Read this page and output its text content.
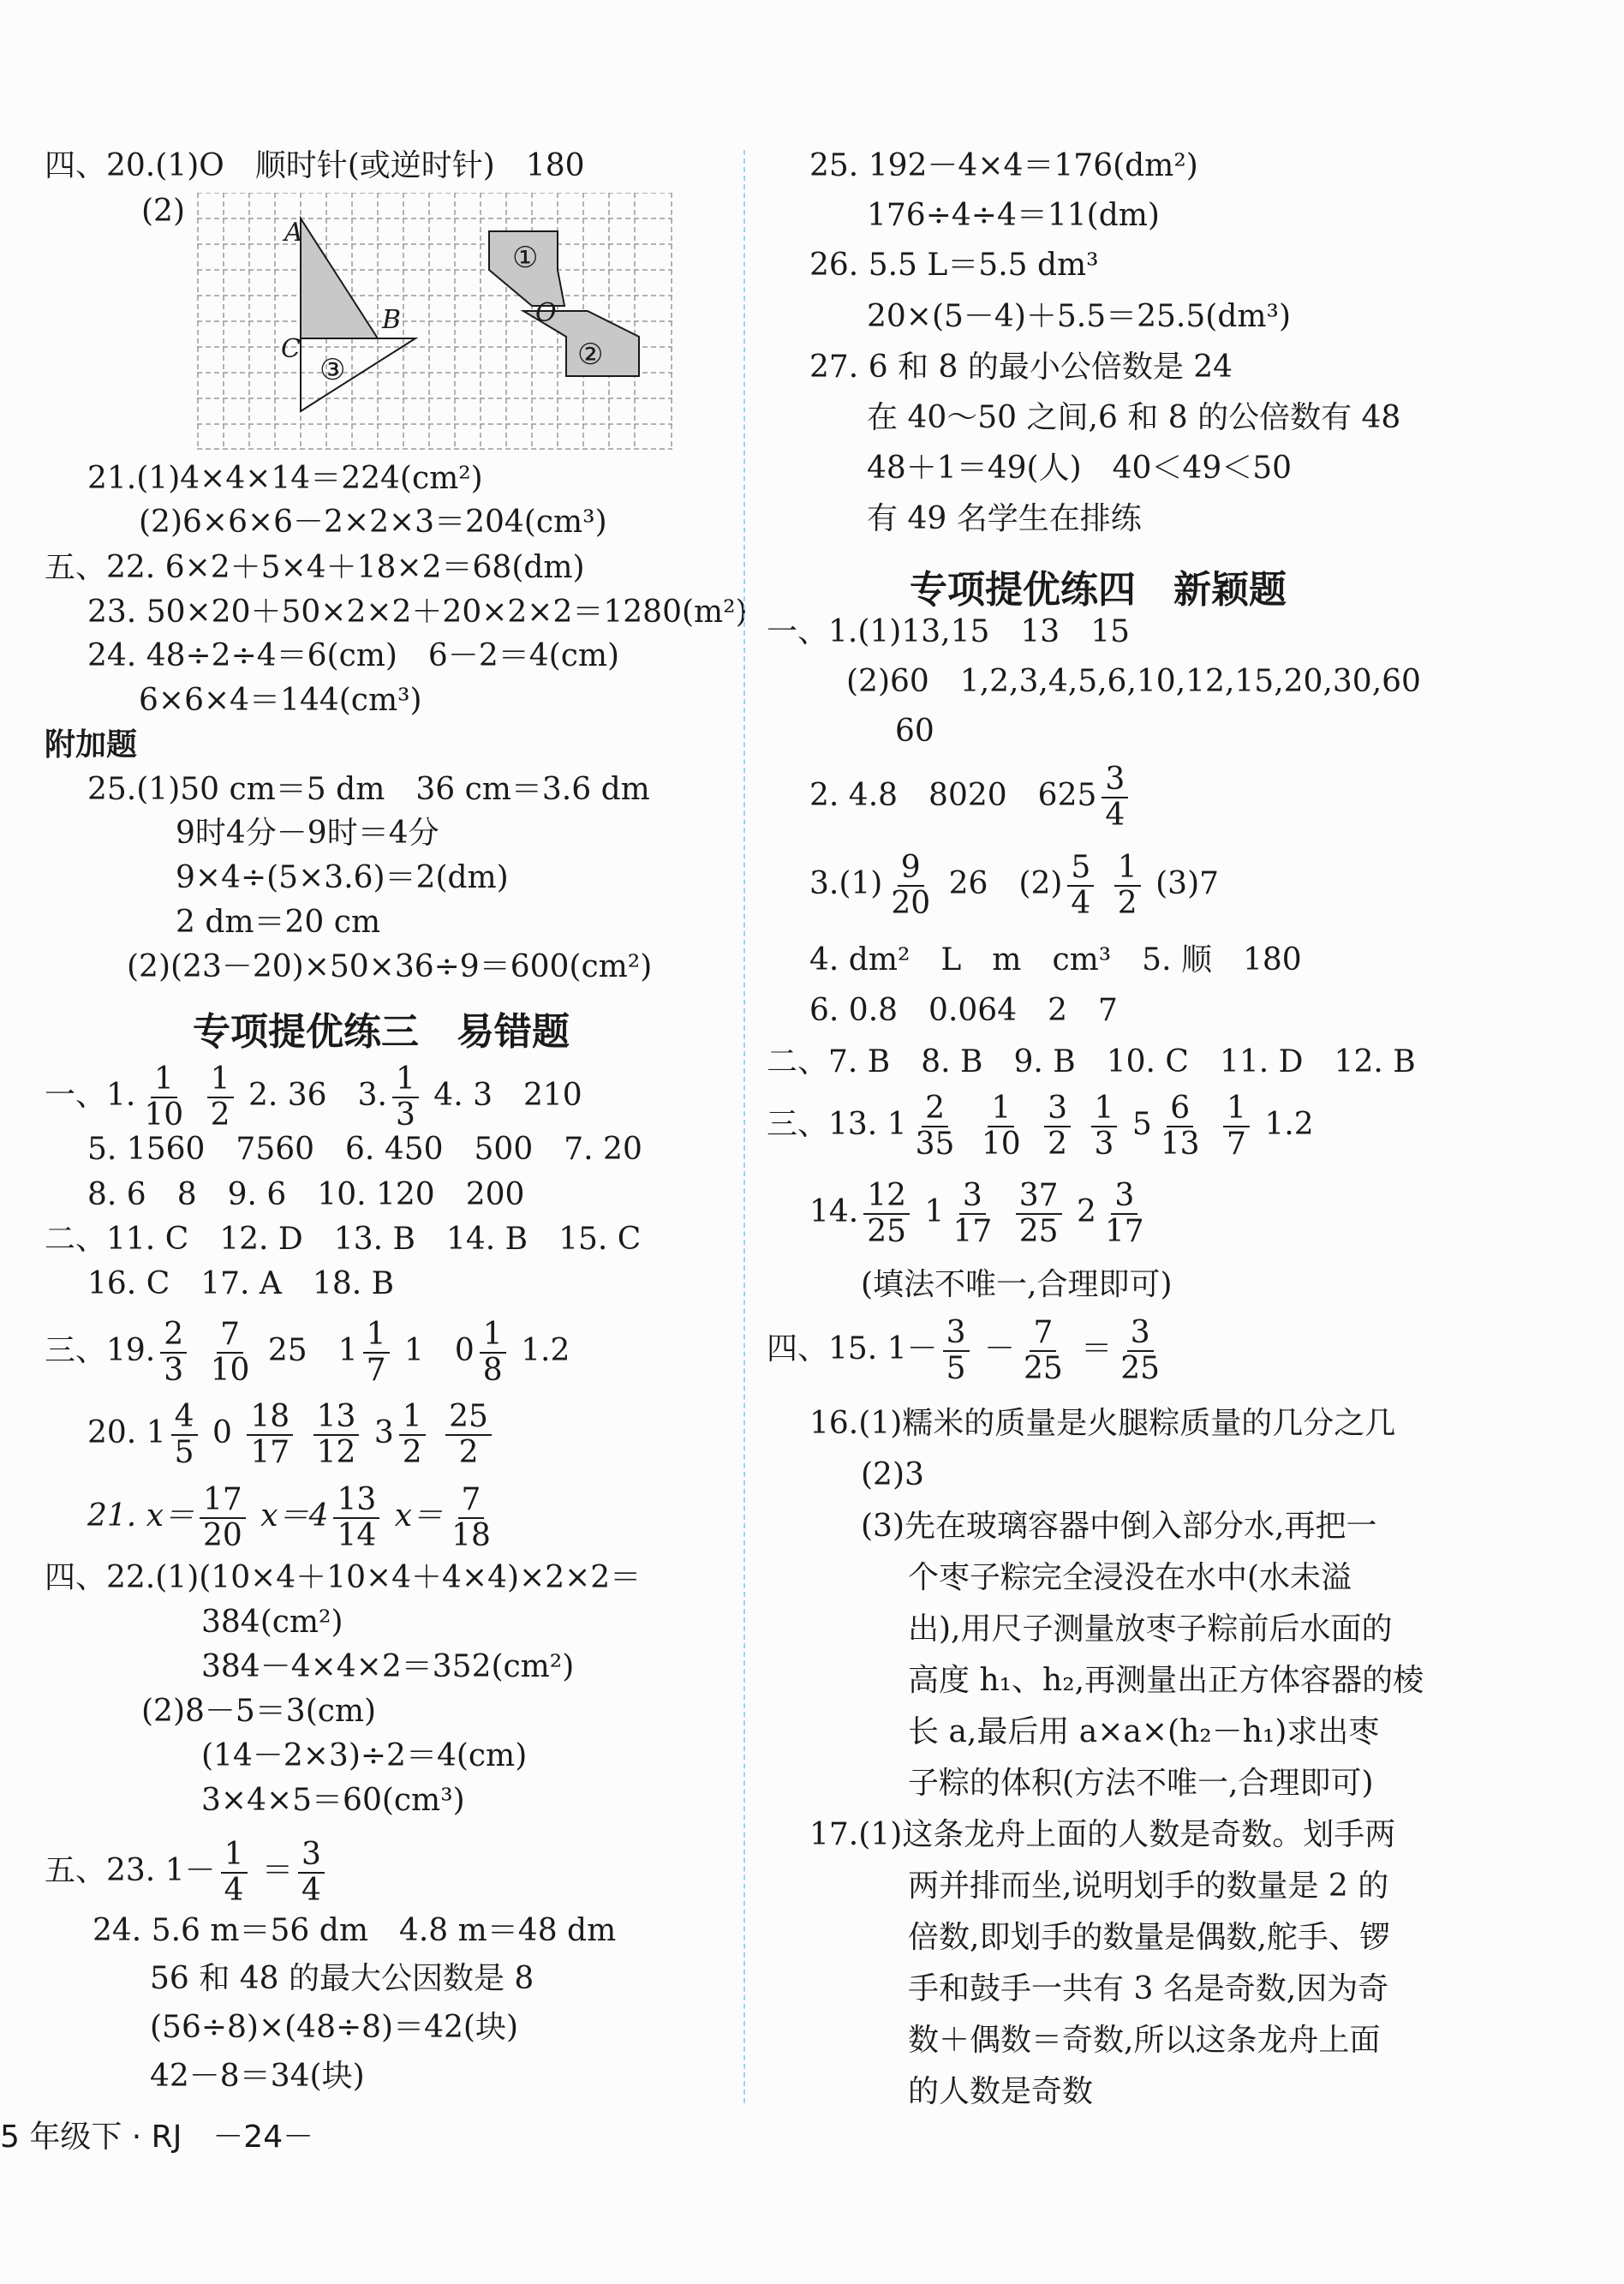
四、20.(1)O　顺时针(或逆时针)　180
(2)
A
B
C
O
①
②
③
21.(1)4×4×14＝224(cm²)
(2)6×6×6－2×2×3＝204(cm³)
五、22. 6×2＋5×4＋18×2＝68(dm)
23. 50×20＋50×2×2＋20×2×2＝1280(m²)
24. 48÷2÷4＝6(cm)　6－2＝4(cm)
6×6×4＝144(cm³)
附加题
25.(1)50 cm＝5 dm　36 cm＝3.6 dm
9时4分－9时＝4分
9×4÷(5×3.6)＝2(dm)
2 dm＝20 cm
(2)(23－20)×50×36÷9＝600(cm²)
专项提优练三　易错题
一、1. $\frac{1}{10}$
$\frac{1}{2} 2$. 36　3. $\frac{1}{3} 4$. 3　210
5. 1560　7560　6. 450　500　7. 20
8. 6　8　9. 6　10. 120　200
二、11. C　12. D　13. B　14. B　15. C
16. C　17. A　18. B
三、19. $\frac{2}{3}$
$\frac{7}{10} 25$　$1 \frac{1}{7} 1$　$0 \frac{1}{8} 1.2$
20. $1 \frac{4}{5} 0 \frac{18}{17}$
$\frac{13}{12} 3 \frac{1}{2}$
$\frac{25}{2}$
21. $x= \frac{17}{20} x=4 \frac{13}{14} x= \frac{7}{18}$
四、22.(1)(10×4＋10×4＋4×4)×2×2＝
384(cm²)
384－4×4×2＝352(cm²)
(2)8－5＝3(cm)
(14－2×3)÷2＝4(cm)
3×4×5＝60(cm³)
五、23. $1- \frac{1}{4} = \frac{3}{4}$
24. 5.6 m＝56 dm　4.8 m＝48 dm
56 和 48 的最大公因数是 8
(56÷8)×(48÷8)＝42(块)
42－8＝34(块)
25. 192－4×4＝176(dm²)
176÷4÷4＝11(dm)
26. 5.5 L＝5.5 dm³
20×(5－4)＋5.5＝25.5(dm³)
27. 6 和 8 的最小公倍数是 24
在 40～50 之间,6 和 8 的公倍数有 48
48＋1＝49(人)　40＜49＜50
有 49 名学生在排练
专项提优练四　新颖题
一、1.(1)13,15　13　15
(2)60　1,2,3,4,5,6,10,12,15,20,30,60
60
2. 4.8　8020　$625 \frac{3}{4}$
$3.(1) \frac{9}{20} 26$　$(2) \frac{5}{4}$
$\frac{1}{2} (3)7$
4. dm²　L　m　cm³　5. 顺　180
6. 0.8　0.064　2　7
二、7. B　8. B　9. B　10. C　11. D　12. B
三、13. $1 \frac{2}{35}$
$\frac{1}{10}$
$\frac{3}{2}$
$\frac{1}{3} 5 \frac{6}{13}$
$\frac{1}{7} 1.2$
14. $\frac{12}{25} 1 \frac{3}{17}$
$\frac{37}{25} 2 \frac{3}{17}$
(填法不唯一,合理即可)
四、15. $1- \frac{3}{5} - \frac{7}{25} = \frac{3}{25}$
16.(1)糯米的质量是火腿粽质量的几分之几
(2)3
(3)先在玻璃容器中倒入部分水,再把一
个枣子粽完全浸没在水中(水未溢
出),用尺子测量放枣子粽前后水面的
高度 h₁、h₂,再测量出正方体容器的棱
长 a,最后用 a×a×(h₂－h₁)求出枣
子粽的体积(方法不唯一,合理即可)
17.(1)这条龙舟上面的人数是奇数。划手两
两并排而坐,说明划手的数量是 2 的
倍数,即划手的数量是偶数,舵手、锣
手和鼓手一共有 3 名是奇数,因为奇
数＋偶数＝奇数,所以这条龙舟上面
的人数是奇数
5 年级下 · RJ　－24－
